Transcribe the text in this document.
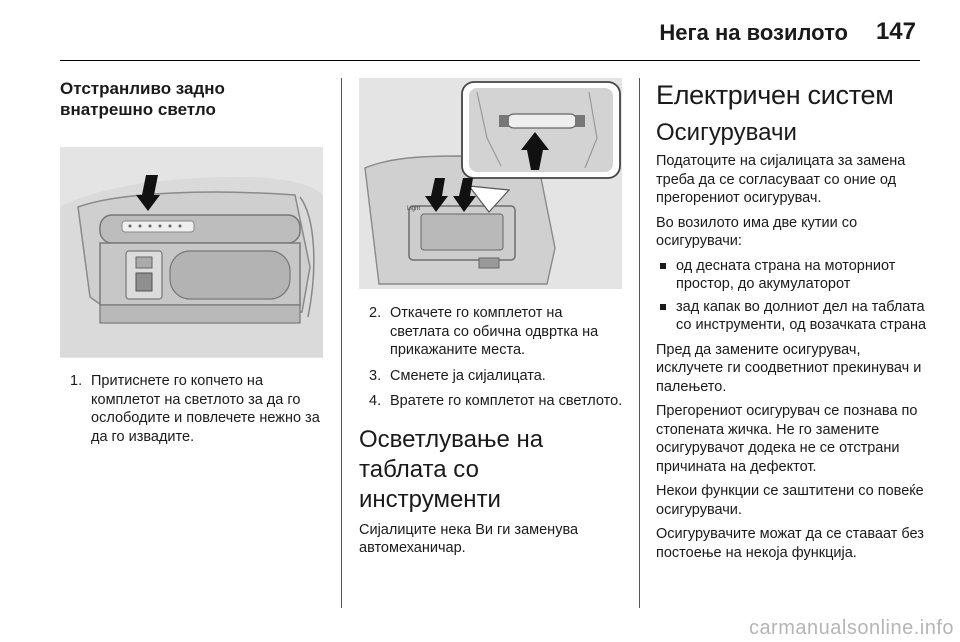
Нега на возилото 147
Отстранливо задно внатрешно светло
1. Притиснете го копчето на комплетот на светлото за да го ослободите и повлечете нежно за да го извадите.
Light
2. Откачете го комплетот на светлата со обична одвртка на прикажаните места.
3. Сменете ја сијалицата.
4. Вратете го комплетот на светлото.
Осветлување на таблата со инструменти

Сијалиците нека Ви ги заменува автомеханичар.

Електричен систем
Осигурувачи

Податоците на сијалицата за замена треба да се согласуваат со оние од прегорениот осигурувач.

Во возилото има две кутии со осигурувачи:

од десната страна на моторниот простор, до акумулаторот
зад капак во долниот дел на таблата со инструменти, од возачката страна

Пред да замените осигурувач, исклучете ги соодветниот прекинувач и палењето.

Прегорениот осигурувач се познава по стопената жичка. Не го замените осигурувачот додека не се отстрани причината на дефектот.

Некои функции се заштитени со повеќе осигурувачи.

Осигурувачите можат да се ставаат без постоење на некоја функција.

carmanualsonline.info
